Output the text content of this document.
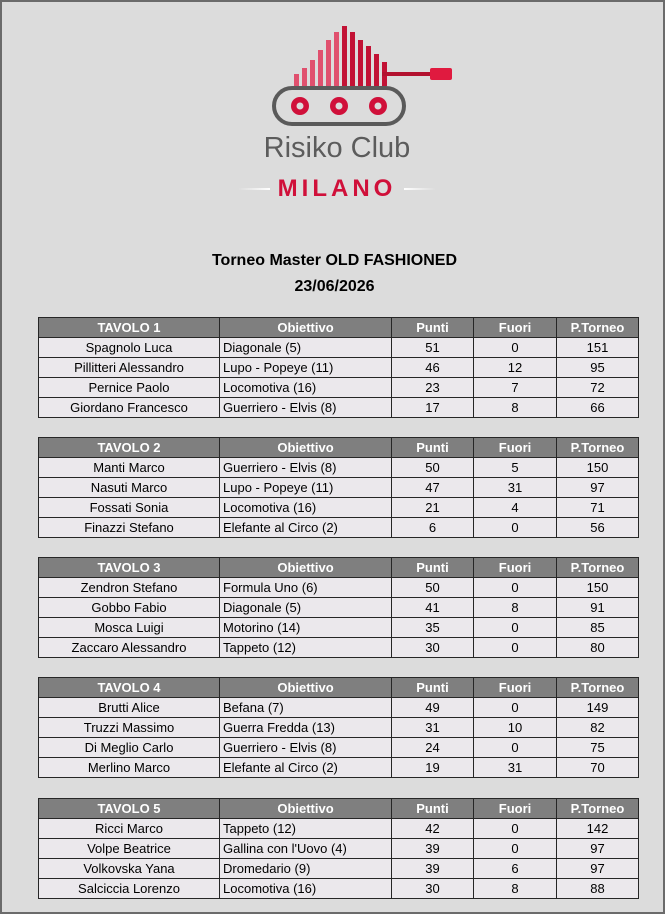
Risiko Club
MILANO
Torneo Master OLD FASHIONED
23/06/2026
TAVOLO 1	Obiettivo	Punti	Fuori	P.Torneo
Spagnolo Luca	Diagonale (5)	51	0	151
Pillitteri Alessandro	Lupo - Popeye (11)	46	12	95
Pernice Paolo	Locomotiva (16)	23	7	72
Giordano Francesco	Guerriero - Elvis (8)	17	8	66
TAVOLO 2	Obiettivo	Punti	Fuori	P.Torneo
Manti Marco	Guerriero - Elvis (8)	50	5	150
Nasuti Marco	Lupo - Popeye (11)	47	31	97
Fossati Sonia	Locomotiva (16)	21	4	71
Finazzi Stefano	Elefante al Circo (2)	6	0	56
TAVOLO 3	Obiettivo	Punti	Fuori	P.Torneo
Zendron Stefano	Formula Uno (6)	50	0	150
Gobbo Fabio	Diagonale (5)	41	8	91
Mosca Luigi	Motorino (14)	35	0	85
Zaccaro Alessandro	Tappeto (12)	30	0	80
TAVOLO 4	Obiettivo	Punti	Fuori	P.Torneo
Brutti Alice	Befana (7)	49	0	149
Truzzi Massimo	Guerra Fredda (13)	31	10	82
Di Meglio Carlo	Guerriero - Elvis (8)	24	0	75
Merlino Marco	Elefante al Circo (2)	19	31	70
TAVOLO 5	Obiettivo	Punti	Fuori	P.Torneo
Ricci Marco	Tappeto (12)	42	0	142
Volpe Beatrice	Gallina con l'Uovo (4)	39	0	97
Volkovska Yana	Dromedario (9)	39	6	97
Salciccia Lorenzo	Locomotiva (16)	30	8	88
